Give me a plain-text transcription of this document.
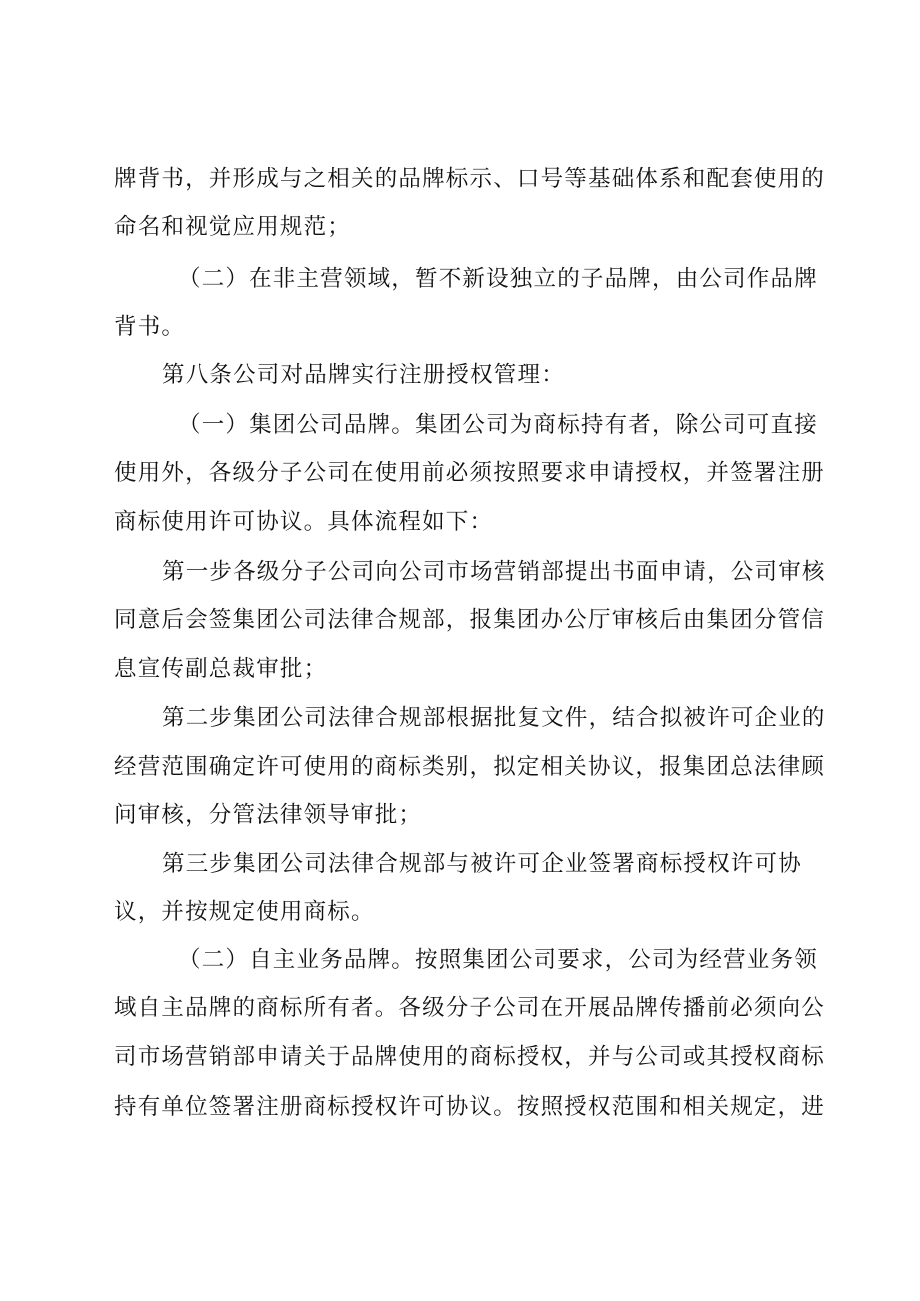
牌背书，并形成与之相关的品牌标示、口号等基础体系和配套使用的
命名和视觉应用规范；
（二）在非主营领域，暂不新设独立的子品牌，由公司作品牌
背书。
第八条公司对品牌实行注册授权管理：
（一）集团公司品牌。集团公司为商标持有者，除公司可直接
使用外，各级分子公司在使用前必须按照要求申请授权，并签署注册
商标使用许可协议。具体流程如下：
第一步各级分子公司向公司市场营销部提出书面申请，公司审核
同意后会签集团公司法律合规部，报集团办公厅审核后由集团分管信
息宣传副总裁审批；
第二步集团公司法律合规部根据批复文件，结合拟被许可企业的
经营范围确定许可使用的商标类别，拟定相关协议，报集团总法律顾
问审核，分管法律领导审批；
第三步集团公司法律合规部与被许可企业签署商标授权许可协
议，并按规定使用商标。
（二）自主业务品牌。按照集团公司要求，公司为经营业务领
域自主品牌的商标所有者。各级分子公司在开展品牌传播前必须向公
司市场营销部申请关于品牌使用的商标授权，并与公司或其授权商标
持有单位签署注册商标授权许可协议。按照授权范围和相关规定，进
